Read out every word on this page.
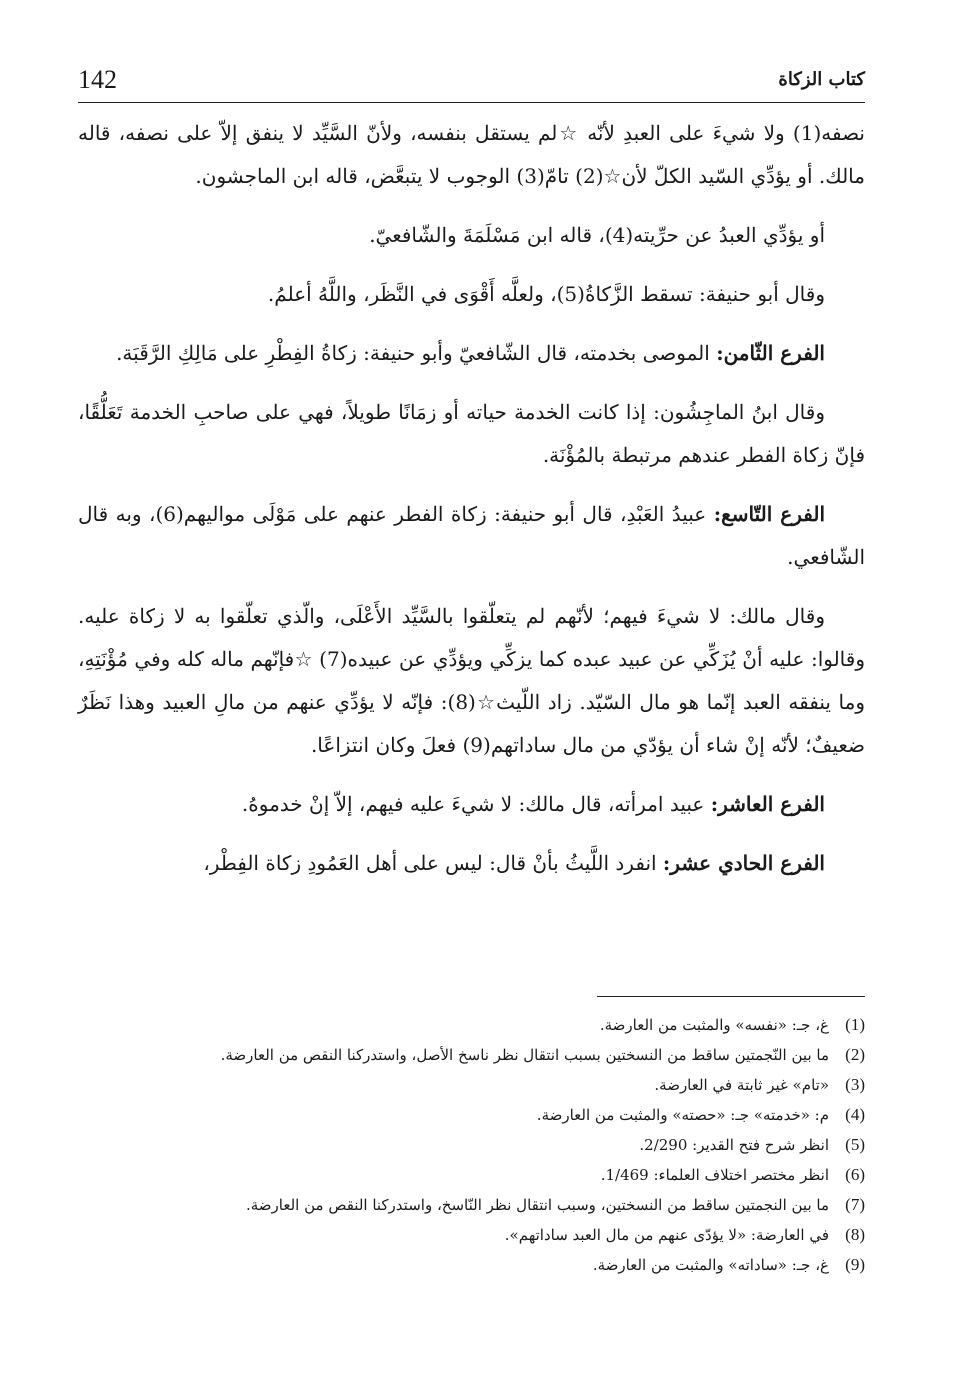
142	كتاب الزكاة

نصفه(1) ولا شيءَ على العبدِ لأنّه ☆لم يستقل بنفسه، ولأنّ السَّيِّد لا ينفق إلاّ على نصفه، قاله مالك. أو يؤدِّي السّيد الكلّ لأن☆(2) تامّ(3) الوجوب لا يتبعَّض، قاله ابن الماجشون.

أو يؤدِّي العبدُ عن حرِّيته(4)، قاله ابن مَسْلَمَةَ والشّافعيّ.

وقال أبو حنيفة: تسقط الزَّكاةُ(5)، ولعلَّه أَقْوَى في النَّظَر، واللَّهُ أعلمُ.

الفرع الثّامن: الموصى بخدمته، قال الشّافعيّ وأبو حنيفة: زكاةُ الفِطْرِ على مَالِكِ الرَّقَبَة.

وقال ابنُ الماجِشُون: إذا كانت الخدمة حياته أو زمَانًا طويلاً، فهي على صاحبِ الخدمة تَعَلُّقًا، فإنّ زكاة الفطر عندهم مرتبطة بالمُؤْنَة.

الفرع التّاسع: عبيدُ العَبْدِ، قال أبو حنيفة: زكاة الفطر عنهم على مَوْلَى مواليهم(6)، وبه قال الشّافعي.

وقال مالك: لا شيءَ فيهم؛ لأنّهم لم يتعلّقوا بالسَّيِّد الأَعْلَى، والّذي تعلّقوا به لا زكاة عليه. وقالوا: عليه أنْ يُزَكِّي عن عبيد عبده كما يزكِّي ويؤدِّي عن عبيده(7) ☆فإنّهم ماله كله وفي مُؤْنَتِهِ، وما ينفقه العبد إنّما هو مال السّيّد. زاد اللّيث☆(8): فإنّه لا يؤدِّي عنهم من مالِ العبيد وهذا نَظَرٌ ضعيفٌ؛ لأنّه إنْ شاء أن يؤدّي من مال ساداتهم(9) فعلَ وكان انتزاعًا.

الفرع العاشر: عبيد امرأته، قال مالك: لا شيءَ عليه فيهم، إلاّ إنْ خدموهُ.

الفرع الحادي عشر: انفرد اللَّيثُ بأنْ قال: ليس على أهل العَمُودِ زكاة الفِطْر،

(1)
غ، جـ: «نفسه» والمثبت من العارضة.
(2)
ما بين النّجمتين ساقط من النسختين بسبب انتقال نظر ناسخ الأصل، واستدركنا النقص من العارضة.
(3)
«تام» غير ثابتة في العارضة.
(4)
م: «خدمته» جـ: «حصته» والمثبت من العارضة.
(5)
انظر شرح فتح القدير: 2/290.
(6)
انظر مختصر اختلاف العلماء: 1/469.
(7)
ما بين النجمتين ساقط من النسختين، وسبب انتقال نظر النّاسخ، واستدركنا النقص من العارضة.
(8)
في العارضة: «لا يؤدّى عنهم من مال العبد ساداتهم».
(9)
غ، جـ: «ساداته» والمثبت من العارضة.
